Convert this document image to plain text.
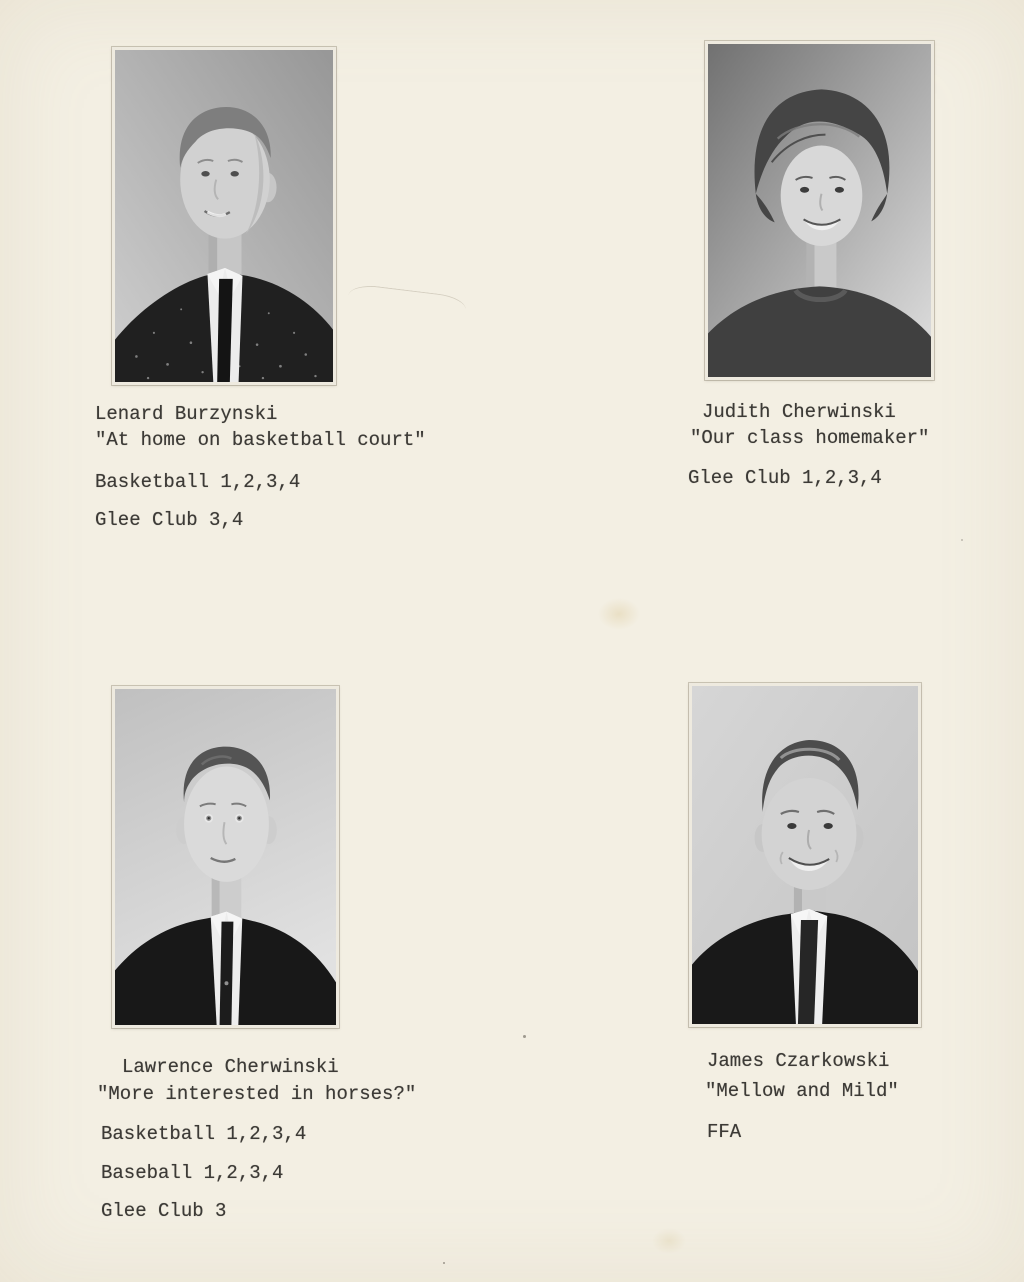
Lenard Burzynski
"At home on basketball court"
Basketball 1,2,3,4
Glee Club 3,4
Judith Cherwinski
"Our class homemaker"
Glee Club 1,2,3,4
Lawrence Cherwinski
"More interested in horses?"
Basketball 1,2,3,4
Baseball 1,2,3,4
Glee Club 3
James Czarkowski
"Mellow and Mild"
FFA
